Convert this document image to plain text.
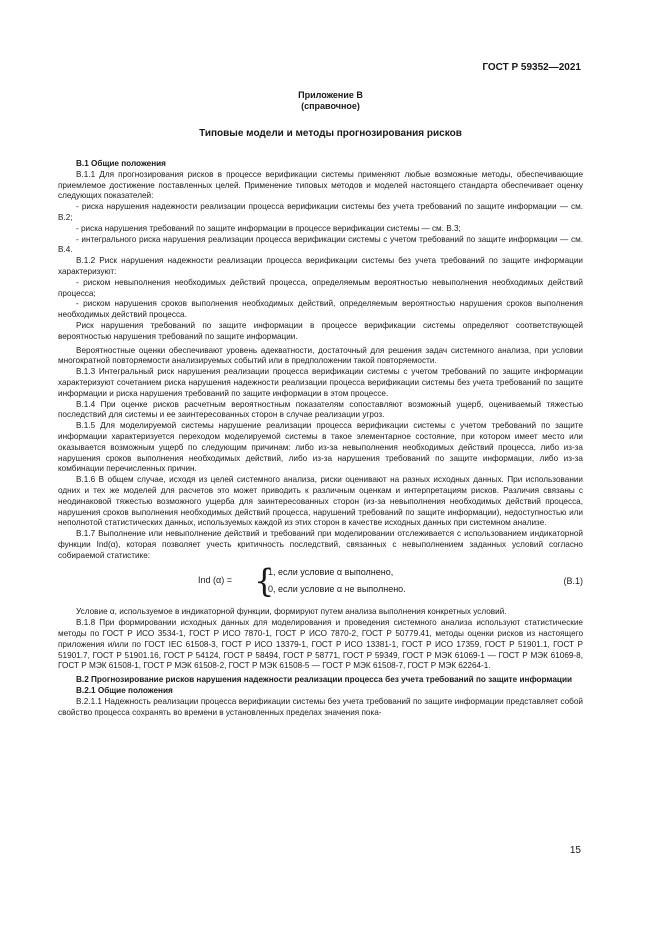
ГОСТ Р 59352—2021
Приложение В
(справочное)
Типовые модели и методы прогнозирования рисков

В.1 Общие положения

В.1.1 Для прогнозирования рисков в процессе верификации системы применяют любые возможные методы, обеспечивающие приемлемое достижение поставленных целей. Применение типовых методов и моделей настоящего стандарта обеспечивает оценку следующих показателей:

- риска нарушения надежности реализации процесса верификации системы без учета требований по защите информации — см. В.2;

- риска нарушения требований по защите информации в процессе верификации системы — см. В.3;

- интегрального риска нарушения реализации процесса верификации системы с учетом требований по защите информации — см. В.4.

В.1.2 Риск нарушения надежности реализации процесса верификации системы без учета требований по защите информации характеризуют:

- риском невыполнения необходимых действий процесса, определяемым вероятностью невыполнения необходимых действий процесса;

- риском нарушения сроков выполнения необходимых действий, определяемым вероятностью нарушения сроков выполнения необходимых действий процесса.

Риск нарушения требований по защите информации в процессе верификации системы определяют соответствующей вероятностью нарушения требований по защите информации.

Вероятностные оценки обеспечивают уровень адекватности, достаточный для решения задач системного анализа, при условии многократной повторяемости анализируемых событий или в предположении такой повторяемости.

В.1.3 Интегральный риск нарушения реализации процесса верификации системы с учетом требований по защите информации характеризуют сочетанием риска нарушения надежности реализации процесса верификации системы без учета требований по защите информации и риска нарушения требований по защите информации в этом процессе.

В.1.4 При оценке рисков расчетным вероятностным показателям сопоставляют возможный ущерб, оцениваемый тяжестью последствий для системы и ее заинтересованных сторон в случае реализации угроз.

В.1.5 Для моделируемой системы нарушение реализации процесса верификации системы с учетом требований по защите информации характеризуется переходом моделируемой системы в такое элементарное состояние, при котором имеет место или оказывается возможным ущерб по следующим причинам: либо из-за невыполнения необходимых действий процесса, либо из-за нарушения сроков выполнения необходимых действий, либо из-за нарушения требований по защите информации, либо из-за комбинации перечисленных причин.

В.1.6 В общем случае, исходя из целей системного анализа, риски оценивают на разных исходных данных. При использовании одних и тех же моделей для расчетов это может приводить к различным оценкам и интерпретациям рисков. Различия связаны с неодинаковой тяжестью возможного ущерба для заинтересованных сторон (из-за невыполнения необходимых действий процесса, нарушения сроков выполнения необходимых действий процесса, нарушений требований по защите информации), недоступностью или неполнотой статистических данных, используемых каждой из этих сторон в качестве исходных данных при системном анализе.

В.1.7 Выполнение или невыполнение действий и требований при моделировании отслеживается с использованием индикаторной функции Ind(α), которая позволяет учесть критичность последствий, связанных с невыполнением заданных условий согласно собираемой статистике:

Ind (α) = {
1, если условие α выполнено,
0, если условие α не выполнено.
(В.1)

Условие α, используемое в индикаторной функции, формируют путем анализа выполнения конкретных условий.

В.1.8 При формировании исходных данных для моделирования и проведения системного анализа используют статистические методы по ГОСТ Р ИСО 3534-1, ГОСТ Р ИСО 7870-1, ГОСТ Р ИСО 7870-2, ГОСТ Р 50779.41, методы оценки рисков из настоящего приложения и/или по ГОСТ IEC 61508-3, ГОСТ Р ИСО 13379-1, ГОСТ Р ИСО 13381-1, ГОСТ Р ИСО 17359, ГОСТ Р 51901.1, ГОСТ Р 51901.7, ГОСТ Р 51901.16, ГОСТ Р 54124, ГОСТ Р 58494, ГОСТ Р 58771, ГОСТ Р 59349, ГОСТ Р МЭК 61069-1 — ГОСТ Р МЭК 61069-8, ГОСТ Р МЭК 61508-1, ГОСТ Р МЭК 61508-2, ГОСТ Р МЭК 61508-5 — ГОСТ Р МЭК 61508-7, ГОСТ Р МЭК 62264-1.

В.2 Прогнозирование рисков нарушения надежности реализации процесса без учета требований по защите информации

В.2.1 Общие положения

В.2.1.1 Надежность реализации процесса верификации системы без учета требований по защите информации представляет собой свойство процесса сохранять во времени в установленных пределах значения пока-

15
